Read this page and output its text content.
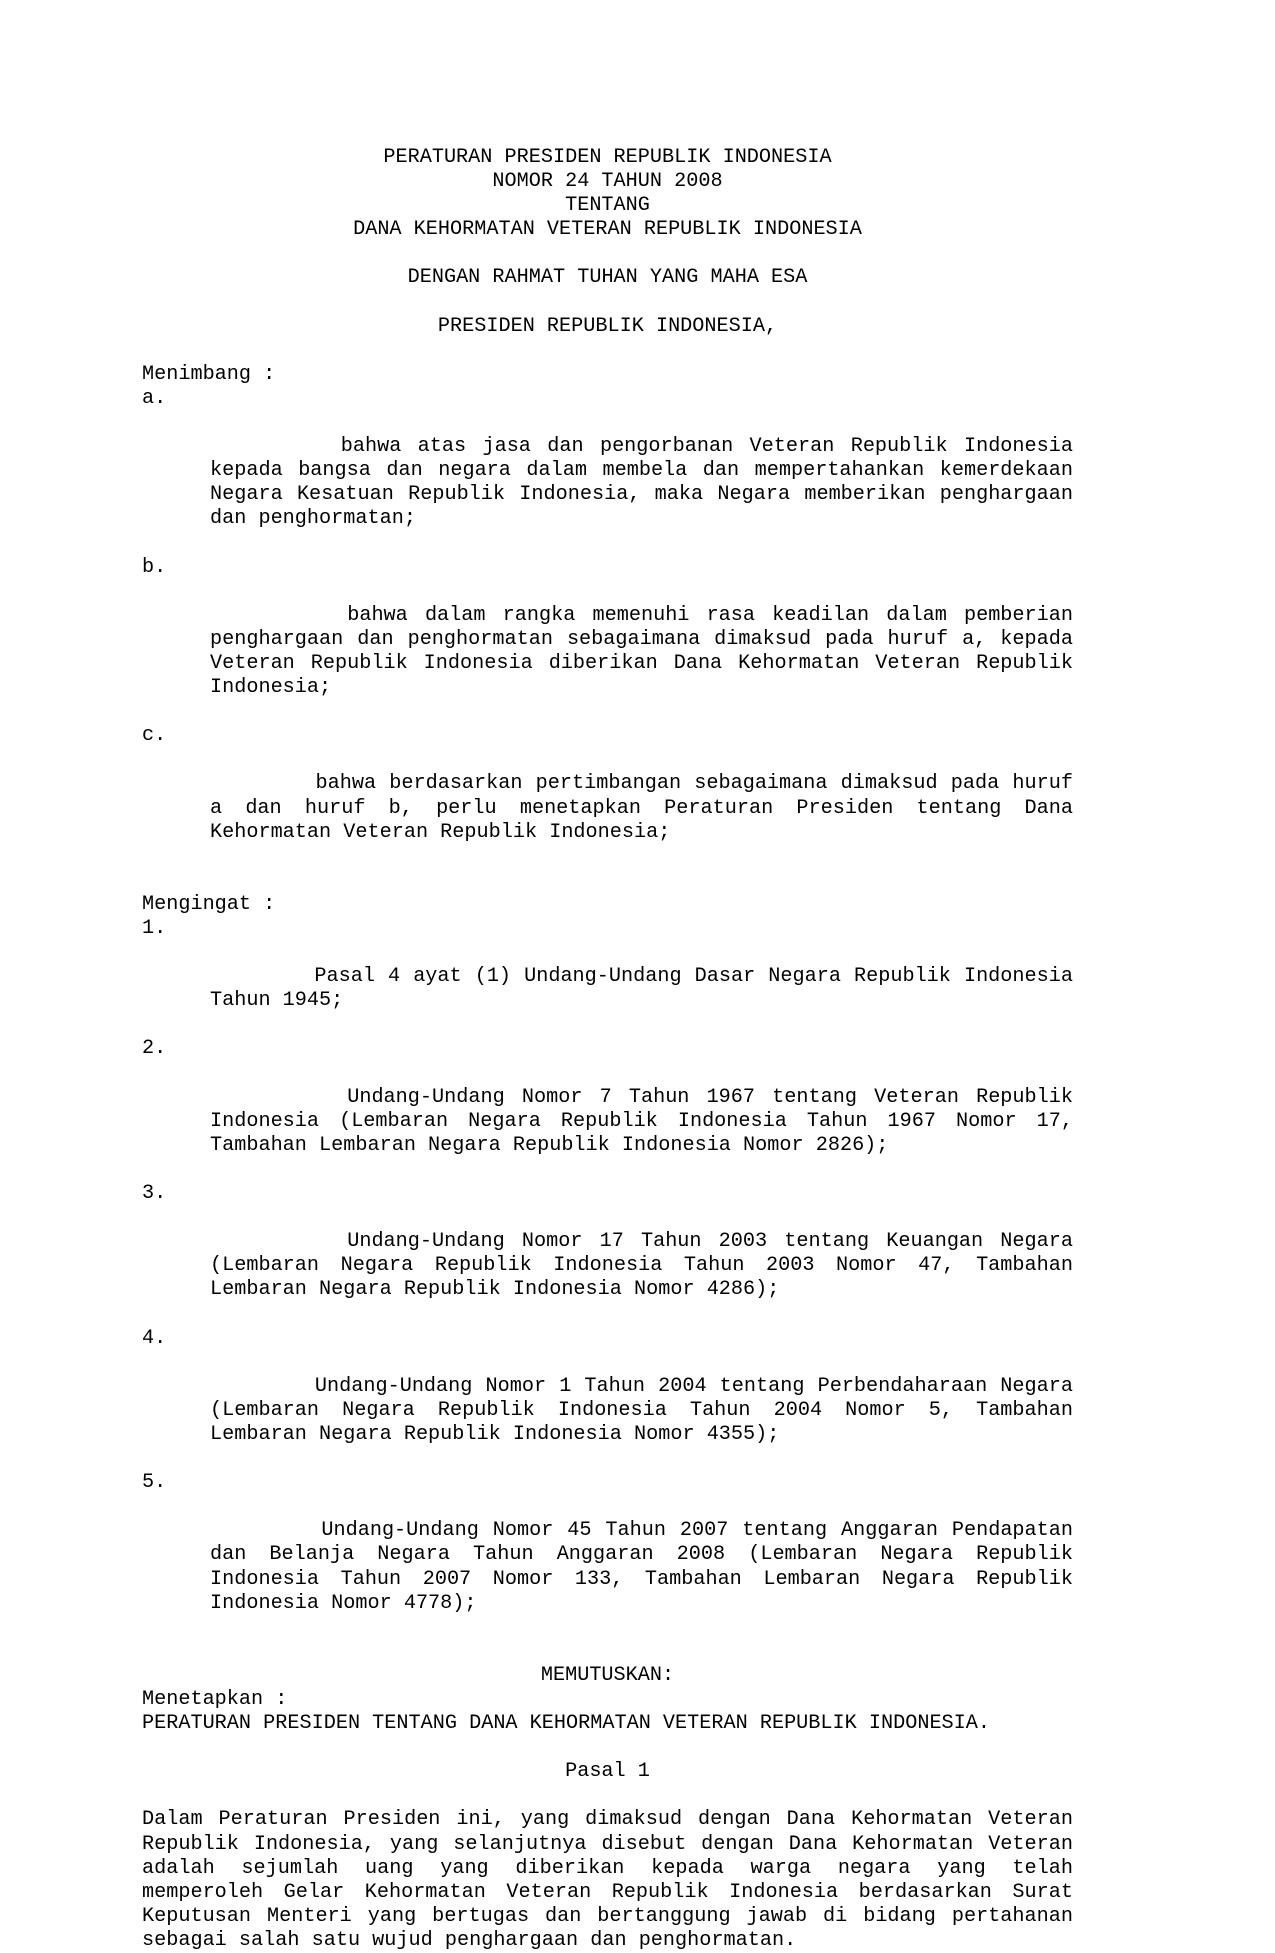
PERATURAN PRESIDEN REPUBLIK INDONESIA
NOMOR 24 TAHUN 2008
TENTANG
DANA KEHORMATAN VETERAN REPUBLIK INDONESIA
DENGAN RAHMAT TUHAN YANG MAHA ESA
PRESIDEN REPUBLIK INDONESIA,
Menimbang :

a.

bahwa atas jasa dan pengorbanan Veteran Republik Indonesia kepada bangsa dan negara dalam membela dan mempertahankan kemerdekaan Negara Kesatuan Republik Indonesia, maka Negara memberikan penghargaan dan penghormatan;

b.

bahwa dalam rangka memenuhi rasa keadilan dalam pemberian penghargaan dan penghormatan sebagaimana dimaksud pada huruf a, kepada Veteran Republik Indonesia diberikan Dana Kehormatan Veteran Republik Indonesia;

c.

bahwa berdasarkan pertimbangan sebagaimana dimaksud pada huruf a dan huruf b, perlu menetapkan Peraturan Presiden tentang Dana Kehormatan Veteran Republik Indonesia;

Mengingat :

1.

Pasal 4 ayat (1) Undang-Undang Dasar Negara Republik Indonesia Tahun 1945;

2.

Undang-Undang Nomor 7 Tahun 1967 tentang Veteran Republik Indonesia (Lembaran Negara Republik Indonesia Tahun 1967 Nomor 17, Tambahan Lembaran Negara Republik Indonesia Nomor 2826);

3.

Undang-Undang Nomor 17 Tahun 2003 tentang Keuangan Negara (Lembaran Negara Republik Indonesia Tahun 2003 Nomor 47, Tambahan Lembaran Negara Republik Indonesia Nomor 4286);

4.

Undang-Undang Nomor 1 Tahun 2004 tentang Perbendaharaan Negara (Lembaran Negara Republik Indonesia Tahun 2004 Nomor 5, Tambahan Lembaran Negara Republik Indonesia Nomor 4355);

5.

Undang-Undang Nomor 45 Tahun 2007 tentang Anggaran Pendapatan dan Belanja Negara Tahun Anggaran 2008 (Lembaran Negara Republik Indonesia Tahun 2007 Nomor 133, Tambahan Lembaran Negara Republik Indonesia Nomor 4778);

MEMUTUSKAN:
Menetapkan :
PERATURAN PRESIDEN TENTANG DANA KEHORMATAN VETERAN REPUBLIK INDONESIA.
Pasal 1
Dalam Peraturan Presiden ini, yang dimaksud dengan Dana Kehormatan Veteran Republik Indonesia, yang selanjutnya disebut dengan Dana Kehormatan Veteran adalah sejumlah uang yang diberikan kepada warga negara yang telah memperoleh Gelar Kehormatan Veteran Republik Indonesia berdasarkan Surat Keputusan Menteri yang bertugas dan bertanggung jawab di bidang pertahanan sebagai salah satu wujud penghargaan dan penghormatan.
